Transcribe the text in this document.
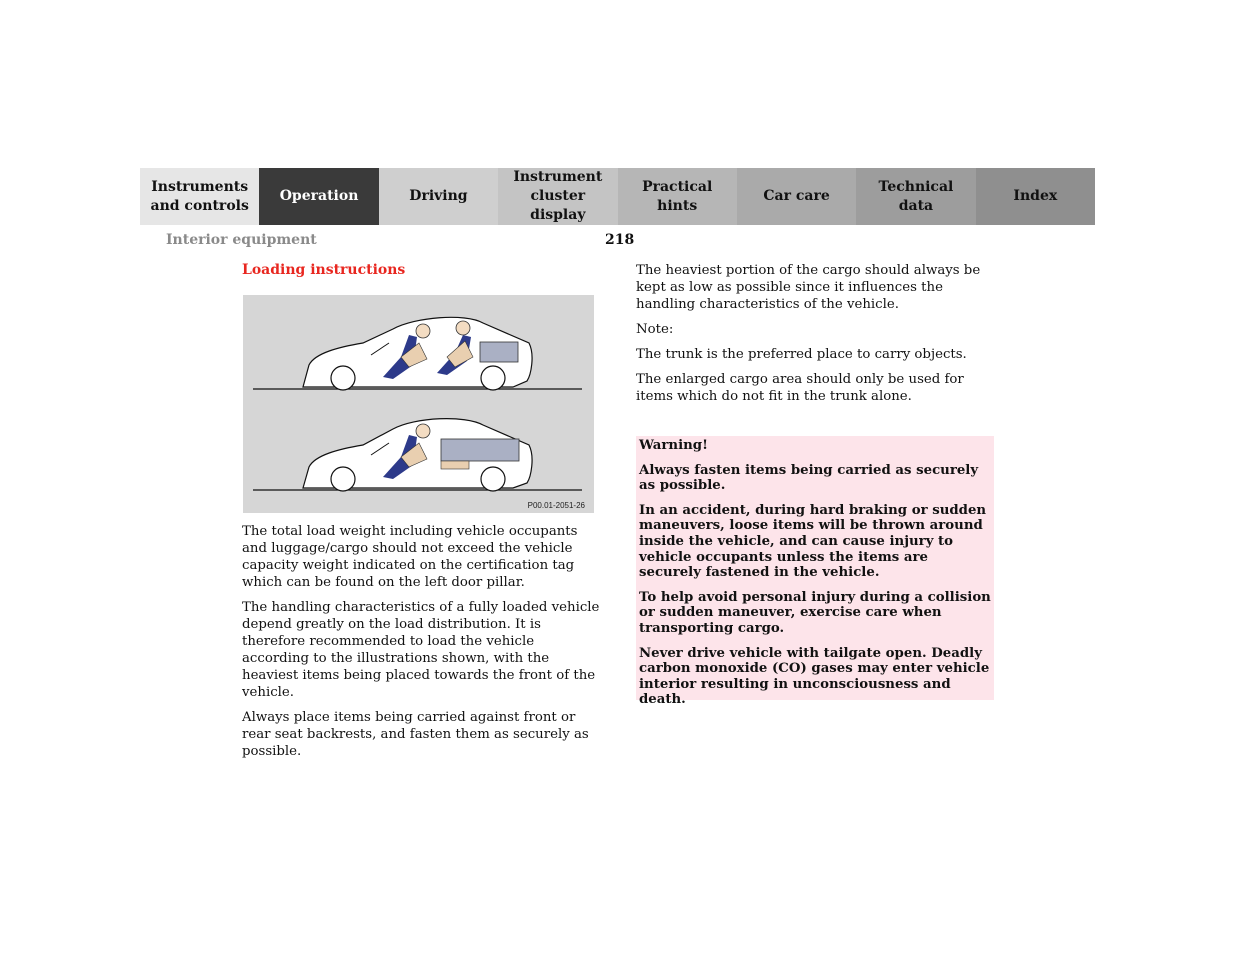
Instruments
and controls
Operation	Driving
Instrument
cluster display
Practical hints
Car care
Technical
data
Index
Interior equipment	218
Loading instructions
P00.01-2051-26

The total load weight including vehicle occupants and luggage/cargo should not exceed the vehicle capacity weight indicated on the certification tag which can be found on the left door pillar.

The handling characteristics of a fully loaded vehicle depend greatly on the load distribution. It is therefore recommended to load the vehicle according to the illustrations shown, with the heaviest items being placed towards the front of the vehicle.

Always place items being carried against front or rear seat backrests, and fasten them as securely as possible.

The heaviest portion of the cargo should always be kept as low as possible since it influences the handling characteristics of the vehicle.

Note:

The trunk is the preferred place to carry objects.

The enlarged cargo area should only be used for items which do not fit in the trunk alone.

Warning!

Always fasten items being carried as securely as possible.

In an accident, during hard braking or sudden maneuvers, loose items will be thrown around inside the vehicle, and can cause injury to vehicle occupants unless the items are securely fastened in the vehicle.

To help avoid personal injury during a collision or sudden maneuver, exercise care when transporting cargo.

Never drive vehicle with tailgate open. Deadly carbon monoxide (CO) gases may enter vehicle interior resulting in unconsciousness and death.
